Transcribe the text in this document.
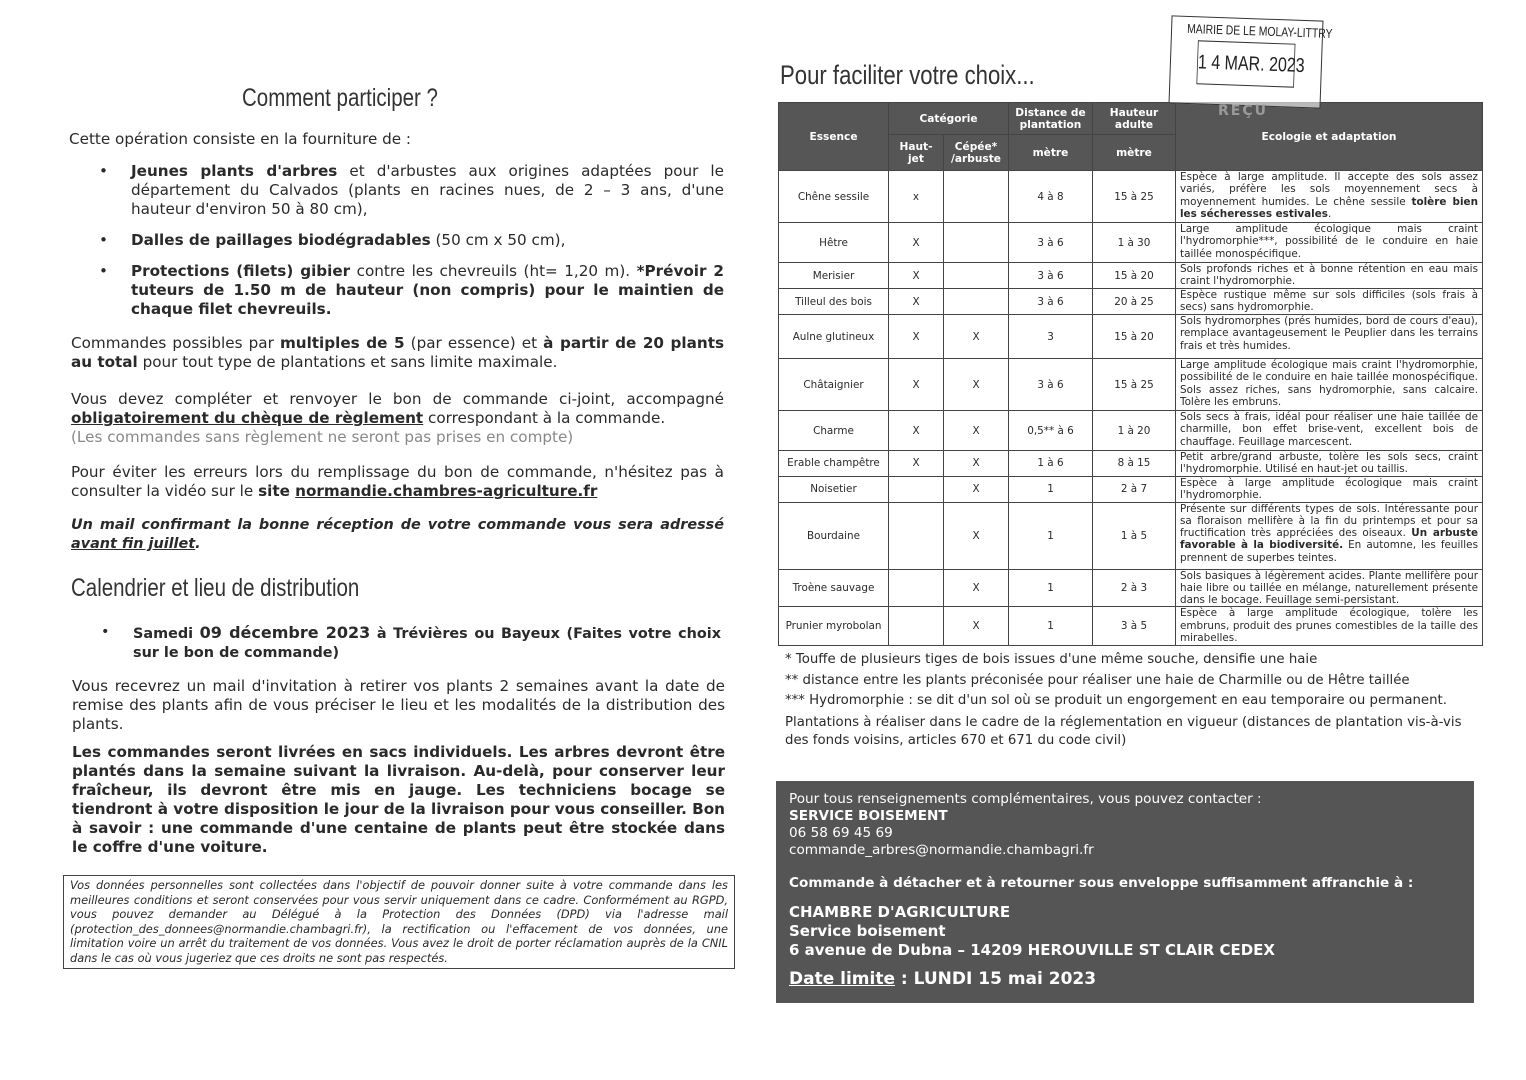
Comment participer ?
Cette opération consiste en la fourniture de :
• Jeunes plants d'arbres et d'arbustes aux origines adaptées pour le département du Calvados (plants en racines nues, de 2 – 3 ans, d'une hauteur d'environ 50 à 80 cm),
• Dalles de paillages biodégradables (50 cm x 50 cm),
• Protections (filets) gibier contre les chevreuils (ht= 1,20 m). *Prévoir 2 tuteurs de 1.50 m de hauteur (non compris) pour le maintien de chaque filet chevreuils.
Commandes possibles par multiples de 5 (par essence) et à partir de 20 plants au total pour tout type de plantations et sans limite maximale.
Vous devez compléter et renvoyer le bon de commande ci-joint, accompagné obligatoirement du chèque de règlement correspondant à la commande.
(Les commandes sans règlement ne seront pas prises en compte)
Pour éviter les erreurs lors du remplissage du bon de commande, n'hésitez pas à consulter la vidéo sur le site normandie.chambres-agriculture.fr
Un mail confirmant la bonne réception de votre commande vous sera adressé avant fin juillet.
Calendrier et lieu de distribution
• Samedi 09 décembre 2023 à Trévières ou Bayeux (Faites votre choix sur le bon de commande)
Vous recevrez un mail d'invitation à retirer vos plants 2 semaines avant la date de remise des plants afin de vous préciser le lieu et les modalités de la distribution des plants.
Les commandes seront livrées en sacs individuels. Les arbres devront être plantés dans la semaine suivant la livraison. Au-delà, pour conserver leur fraîcheur, ils devront être mis en jauge. Les techniciens bocage se tiendront à votre disposition le jour de la livraison pour vous conseiller. Bon à savoir : une commande d'une centaine de plants peut être stockée dans le coffre d'une voiture.
Vos données personnelles sont collectées dans l'objectif de pouvoir donner suite à votre commande dans les meilleures conditions et seront conservées pour vous servir uniquement dans ce cadre. Conformément au RGPD, vous pouvez demander au Délégué à la Protection des Données (DPD) via l'adresse mail (protection_des_donnees@normandie.chambagri.fr), la rectification ou l'effacement de vos données, une limitation voire un arrêt du traitement de vos données. Vous avez le droit de porter réclamation auprès de la CNIL dans le cas où vous jugeriez que ces droits ne sont pas respectés.
Pour faciliter votre choix...
Essence	Catégorie		Distance de plantation	Hauteur adulte	Ecologie et adaptation
	Haut-jet	Cépée* /arbuste	mètre	mètre	
Chêne sessile	x		4 à 8	15 à 25	Espèce à large amplitude. Il accepte des sols assez variés, préfère les sols moyennement secs à moyennement humides. Le chêne sessile tolère bien les sécheresses estivales.
Hêtre	X		3 à 6	1 à 30	Large amplitude écologique mais craint l'hydromorphie***, possibilité de le conduire en haie taillée monospécifique.
Merisier	X		3 à 6	15 à 20	Sols profonds riches et à bonne rétention en eau mais craint l'hydromorphie.
Tilleul des bois	X		3 à 6	20 à 25	Espèce rustique même sur sols difficiles (sols frais à secs) sans hydromorphie.
Aulne glutineux	X	X	3	15 à 20	Sols hydromorphes (prés humides, bord de cours d'eau), remplace avantageusement le Peuplier dans les terrains frais et très humides.
Châtaignier	X	X	3 à 6	15 à 25	Large amplitude écologique mais craint l'hydromorphie, possibilité de le conduire en haie taillée monospécifique. Sols assez riches, sans hydromorphie, sans calcaire. Tolère les embruns.
Charme	X	X	0,5** à 6	1 à 20	Sols secs à frais, idéal pour réaliser une haie taillée de charmille, bon effet brise-vent, excellent bois de chauffage. Feuillage marcescent.
Erable champêtre	X	X	1 à 6	8 à 15	Petit arbre/grand arbuste, tolère les sols secs, craint l'hydromorphie. Utilisé en haut-jet ou taillis.
Noisetier		X	1	2 à 7	Espèce à large amplitude écologique mais craint l'hydromorphie.
Bourdaine		X	1	1 à 5	Présente sur différents types de sols. Intéressante pour sa floraison mellifère à la fin du printemps et pour sa fructification très appréciées des oiseaux. Un arbuste favorable à la biodiversité. En automne, les feuilles prennent de superbes teintes.
Troène sauvage		X	1	2 à 3	Sols basiques à légèrement acides. Plante mellifère pour haie libre ou taillée en mélange, naturellement présente dans le bocage. Feuillage semi-persistant.
Prunier myrobolan		X	1	3 à 5	Espèce à large amplitude écologique, tolère les embruns, produit des prunes comestibles de la taille des mirabelles.
MAIRIE DE LE MOLAY-LITTRY
1 4 MAR. 2023
REÇU
* Touffe de plusieurs tiges de bois issues d'une même souche, densifie une haie
** distance entre les plants préconisée pour réaliser une haie de Charmille ou de Hêtre taillée
*** Hydromorphie : se dit d'un sol où se produit un engorgement en eau temporaire ou permanent.
Plantations à réaliser dans le cadre de la réglementation en vigueur (distances de plantation vis-à-vis des fonds voisins, articles 670 et 671 du code civil)
Pour tous renseignements complémentaires, vous pouvez contacter :
SERVICE BOISEMENT
06 58 69 45 69
commande_arbres@normandie.chambagri.fr
Commande à détacher et à retourner sous enveloppe suffisamment affranchie à :
CHAMBRE D'AGRICULTURE
Service boisement
6 avenue de Dubna – 14209 HEROUVILLE ST CLAIR CEDEX
Date limite : LUNDI 15 mai 2023
